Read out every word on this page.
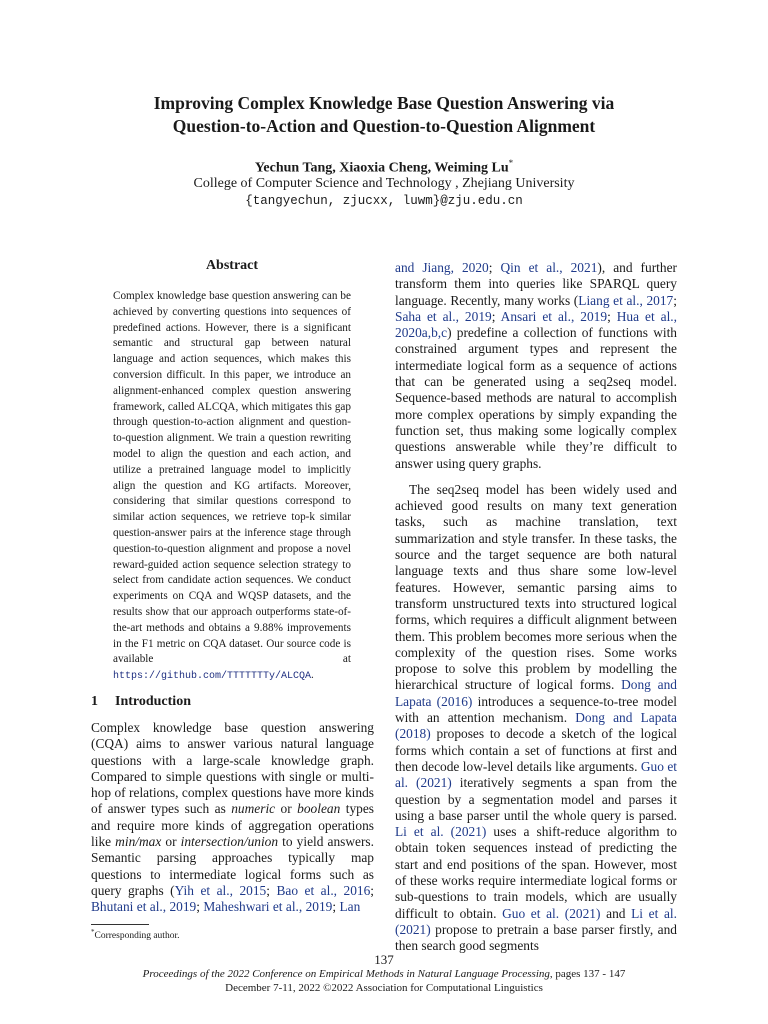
Improving Complex Knowledge Base Question Answering via
Question-to-Action and Question-to-Question Alignment
Yechun Tang, Xiaoxia Cheng, Weiming Lu*
College of Computer Science and Technology , Zhejiang University
{tangyechun, zjucxx, luwm}@zju.edu.cn
Abstract
Complex knowledge base question answering can be achieved by converting questions into sequences of predefined actions. However, there is a significant semantic and structural gap between natural language and action sequences, which makes this conversion difficult. In this paper, we introduce an alignment-enhanced complex question answering framework, called ALCQA, which mitigates this gap through question-to-action alignment and question-to-question alignment. We train a question rewriting model to align the question and each action, and utilize a pretrained language model to implicitly align the question and KG artifacts. Moreover, considering that similar questions correspond to similar action sequences, we retrieve top-k similar question-answer pairs at the inference stage through question-to-question alignment and propose a novel reward-guided action sequence selection strategy to select from candidate action sequences. We conduct experiments on CQA and WQSP datasets, and the results show that our approach outperforms state-of-the-art methods and obtains a 9.88% improvements in the F1 metric on CQA dataset. Our source code is available at https://github.com/TTTTTTTy/ALCQA.
1 Introduction

Complex knowledge base question answering (CQA) aims to answer various natural language questions with a large-scale knowledge graph. Compared to simple questions with single or multi-hop of relations, complex questions have more kinds of answer types such as numeric or boolean types and require more kinds of aggregation operations like min/max or intersection/union to yield answers. Semantic parsing approaches typically map questions to intermediate logical forms such as query graphs (Yih et al., 2015; Bao et al., 2016; Bhutani et al., 2019; Maheshwari et al., 2019; Lan

and Jiang, 2020; Qin et al., 2021), and further transform them into queries like SPARQL query language. Recently, many works (Liang et al., 2017; Saha et al., 2019; Ansari et al., 2019; Hua et al., 2020a,b,c) predefine a collection of functions with constrained argument types and represent the intermediate logical form as a sequence of actions that can be generated using a seq2seq model. Sequence-based methods are natural to accomplish more complex operations by simply expanding the function set, thus making some logically complex questions answerable while they’re difficult to answer using query graphs.

The seq2seq model has been widely used and achieved good results on many text generation tasks, such as machine translation, text summarization and style transfer. In these tasks, the source and the target sequence are both natural language texts and thus share some low-level features. However, semantic parsing aims to transform unstructured texts into structured logical forms, which requires a difficult alignment between them. This problem becomes more serious when the complexity of the question rises. Some works propose to solve this problem by modelling the hierarchical structure of logical forms. Dong and Lapata (2016) introduces a sequence-to-tree model with an attention mechanism. Dong and Lapata (2018) proposes to decode a sketch of the logical forms which contain a set of functions at first and then decode low-level details like arguments. Guo et al. (2021) iteratively segments a span from the question by a segmentation model and parses it using a base parser until the whole query is parsed. Li et al. (2021) uses a shift-reduce algorithm to obtain token sequences instead of predicting the start and end positions of the span. However, most of these works require intermediate logical forms or sub-questions to train models, which are usually difficult to obtain. Guo et al. (2021) and Li et al. (2021) propose to pretrain a base parser firstly, and then search good segments

*Corresponding author.
137
Proceedings of the 2022 Conference on Empirical Methods in Natural Language Processing, pages 137 - 147
December 7-11, 2022 ©2022 Association for Computational Linguistics
